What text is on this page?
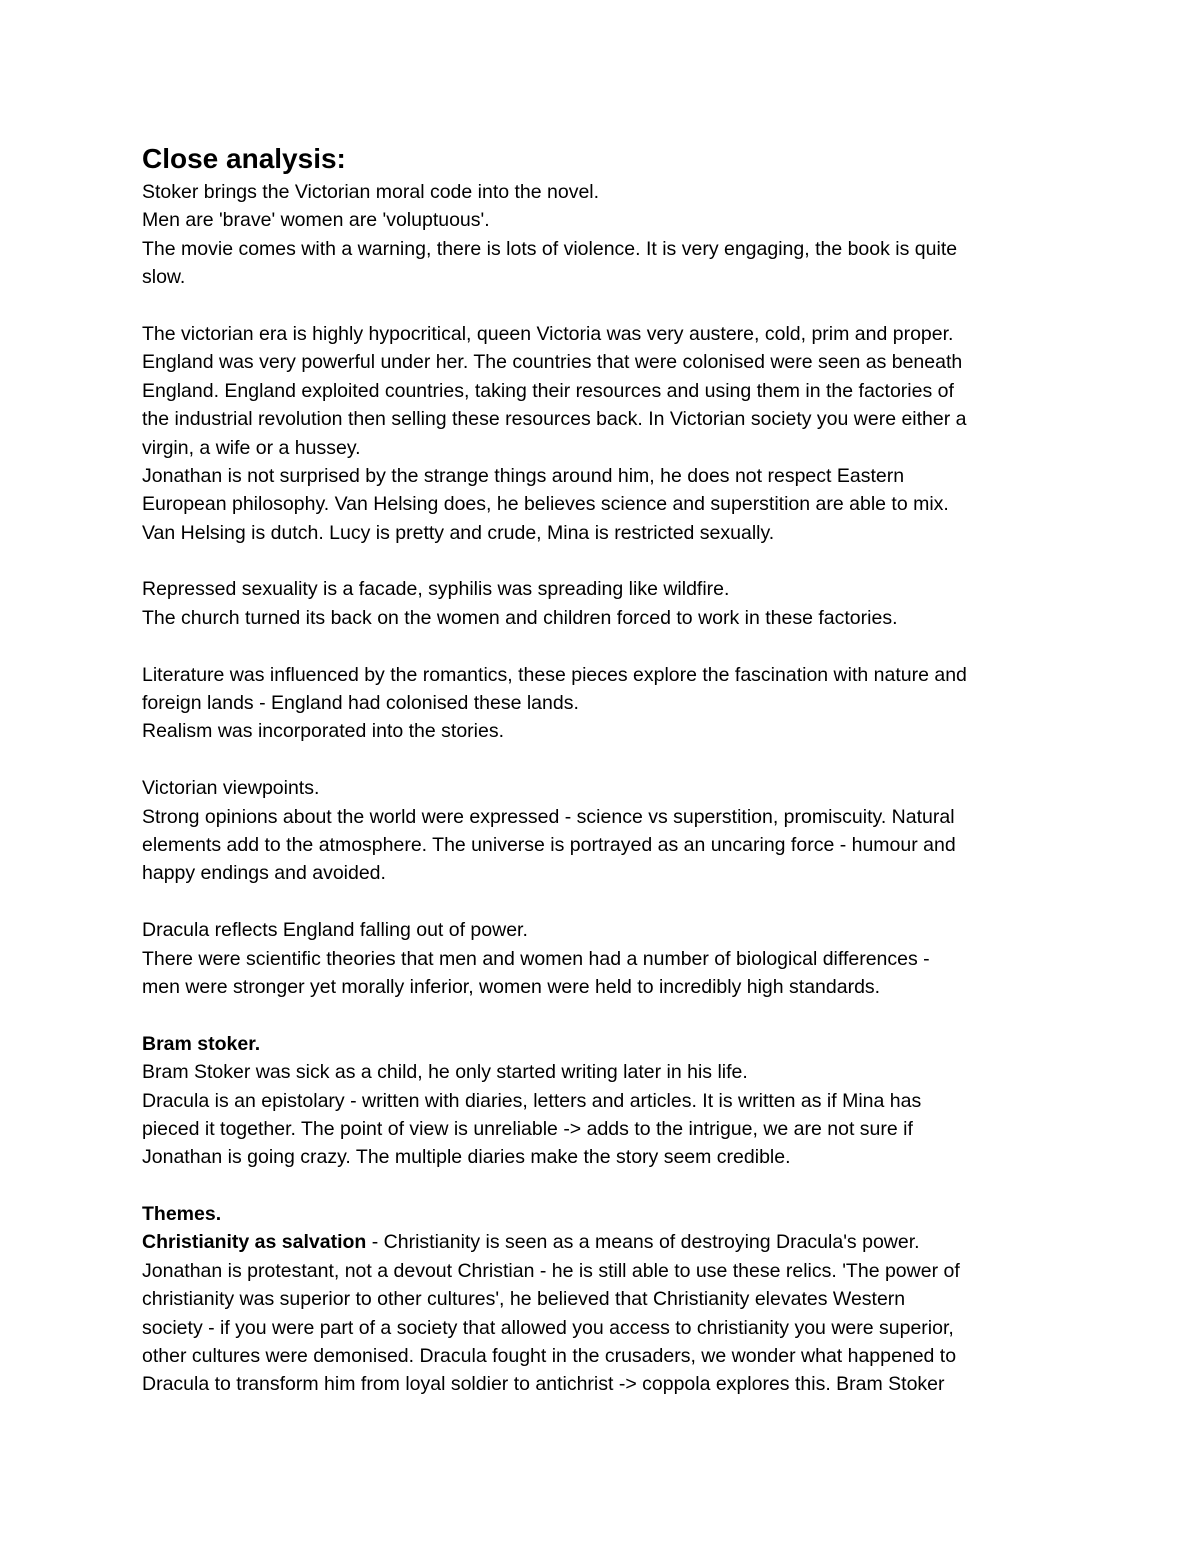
Close analysis:
Stoker brings the Victorian moral code into the novel.
Men are 'brave' women are 'voluptuous'.
The movie comes with a warning, there is lots of violence. It is very engaging, the book is quite
slow.
The victorian era is highly hypocritical, queen Victoria was very austere, cold, prim and proper.
England was very powerful under her. The countries that were colonised were seen as beneath
England. England exploited countries, taking their resources and using them in the factories of
the industrial revolution then selling these resources back. In Victorian society you were either a
virgin, a wife or a hussey.
Jonathan is not surprised by the strange things around him, he does not respect Eastern
European philosophy. Van Helsing does, he believes science and superstition are able to mix.
Van Helsing is dutch. Lucy is pretty and crude, Mina is restricted sexually.
Repressed sexuality is a facade, syphilis was spreading like wildfire.
The church turned its back on the women and children forced to work in these factories.
Literature was influenced by the romantics, these pieces explore the fascination with nature and
foreign lands - England had colonised these lands.
Realism was incorporated into the stories.
Victorian viewpoints.
Strong opinions about the world were expressed - science vs superstition, promiscuity. Natural
elements add to the atmosphere. The universe is portrayed as an uncaring force - humour and
happy endings and avoided.
Dracula reflects England falling out of power.
There were scientific theories that men and women had a number of biological differences -
men were stronger yet morally inferior, women were held to incredibly high standards.
Bram stoker.
Bram Stoker was sick as a child, he only started writing later in his life.
Dracula is an epistolary - written with diaries, letters and articles. It is written as if Mina has
pieced it together. The point of view is unreliable -> adds to the intrigue, we are not sure if
Jonathan is going crazy. The multiple diaries make the story seem credible.
Themes.
Christianity as salvation - Christianity is seen as a means of destroying Dracula's power.
Jonathan is protestant, not a devout Christian - he is still able to use these relics. 'The power of
christianity was superior to other cultures', he believed that Christianity elevates Western
society - if you were part of a society that allowed you access to christianity you were superior,
other cultures were demonised. Dracula fought in the crusaders, we wonder what happened to
Dracula to transform him from loyal soldier to antichrist -> coppola explores this. Bram Stoker
